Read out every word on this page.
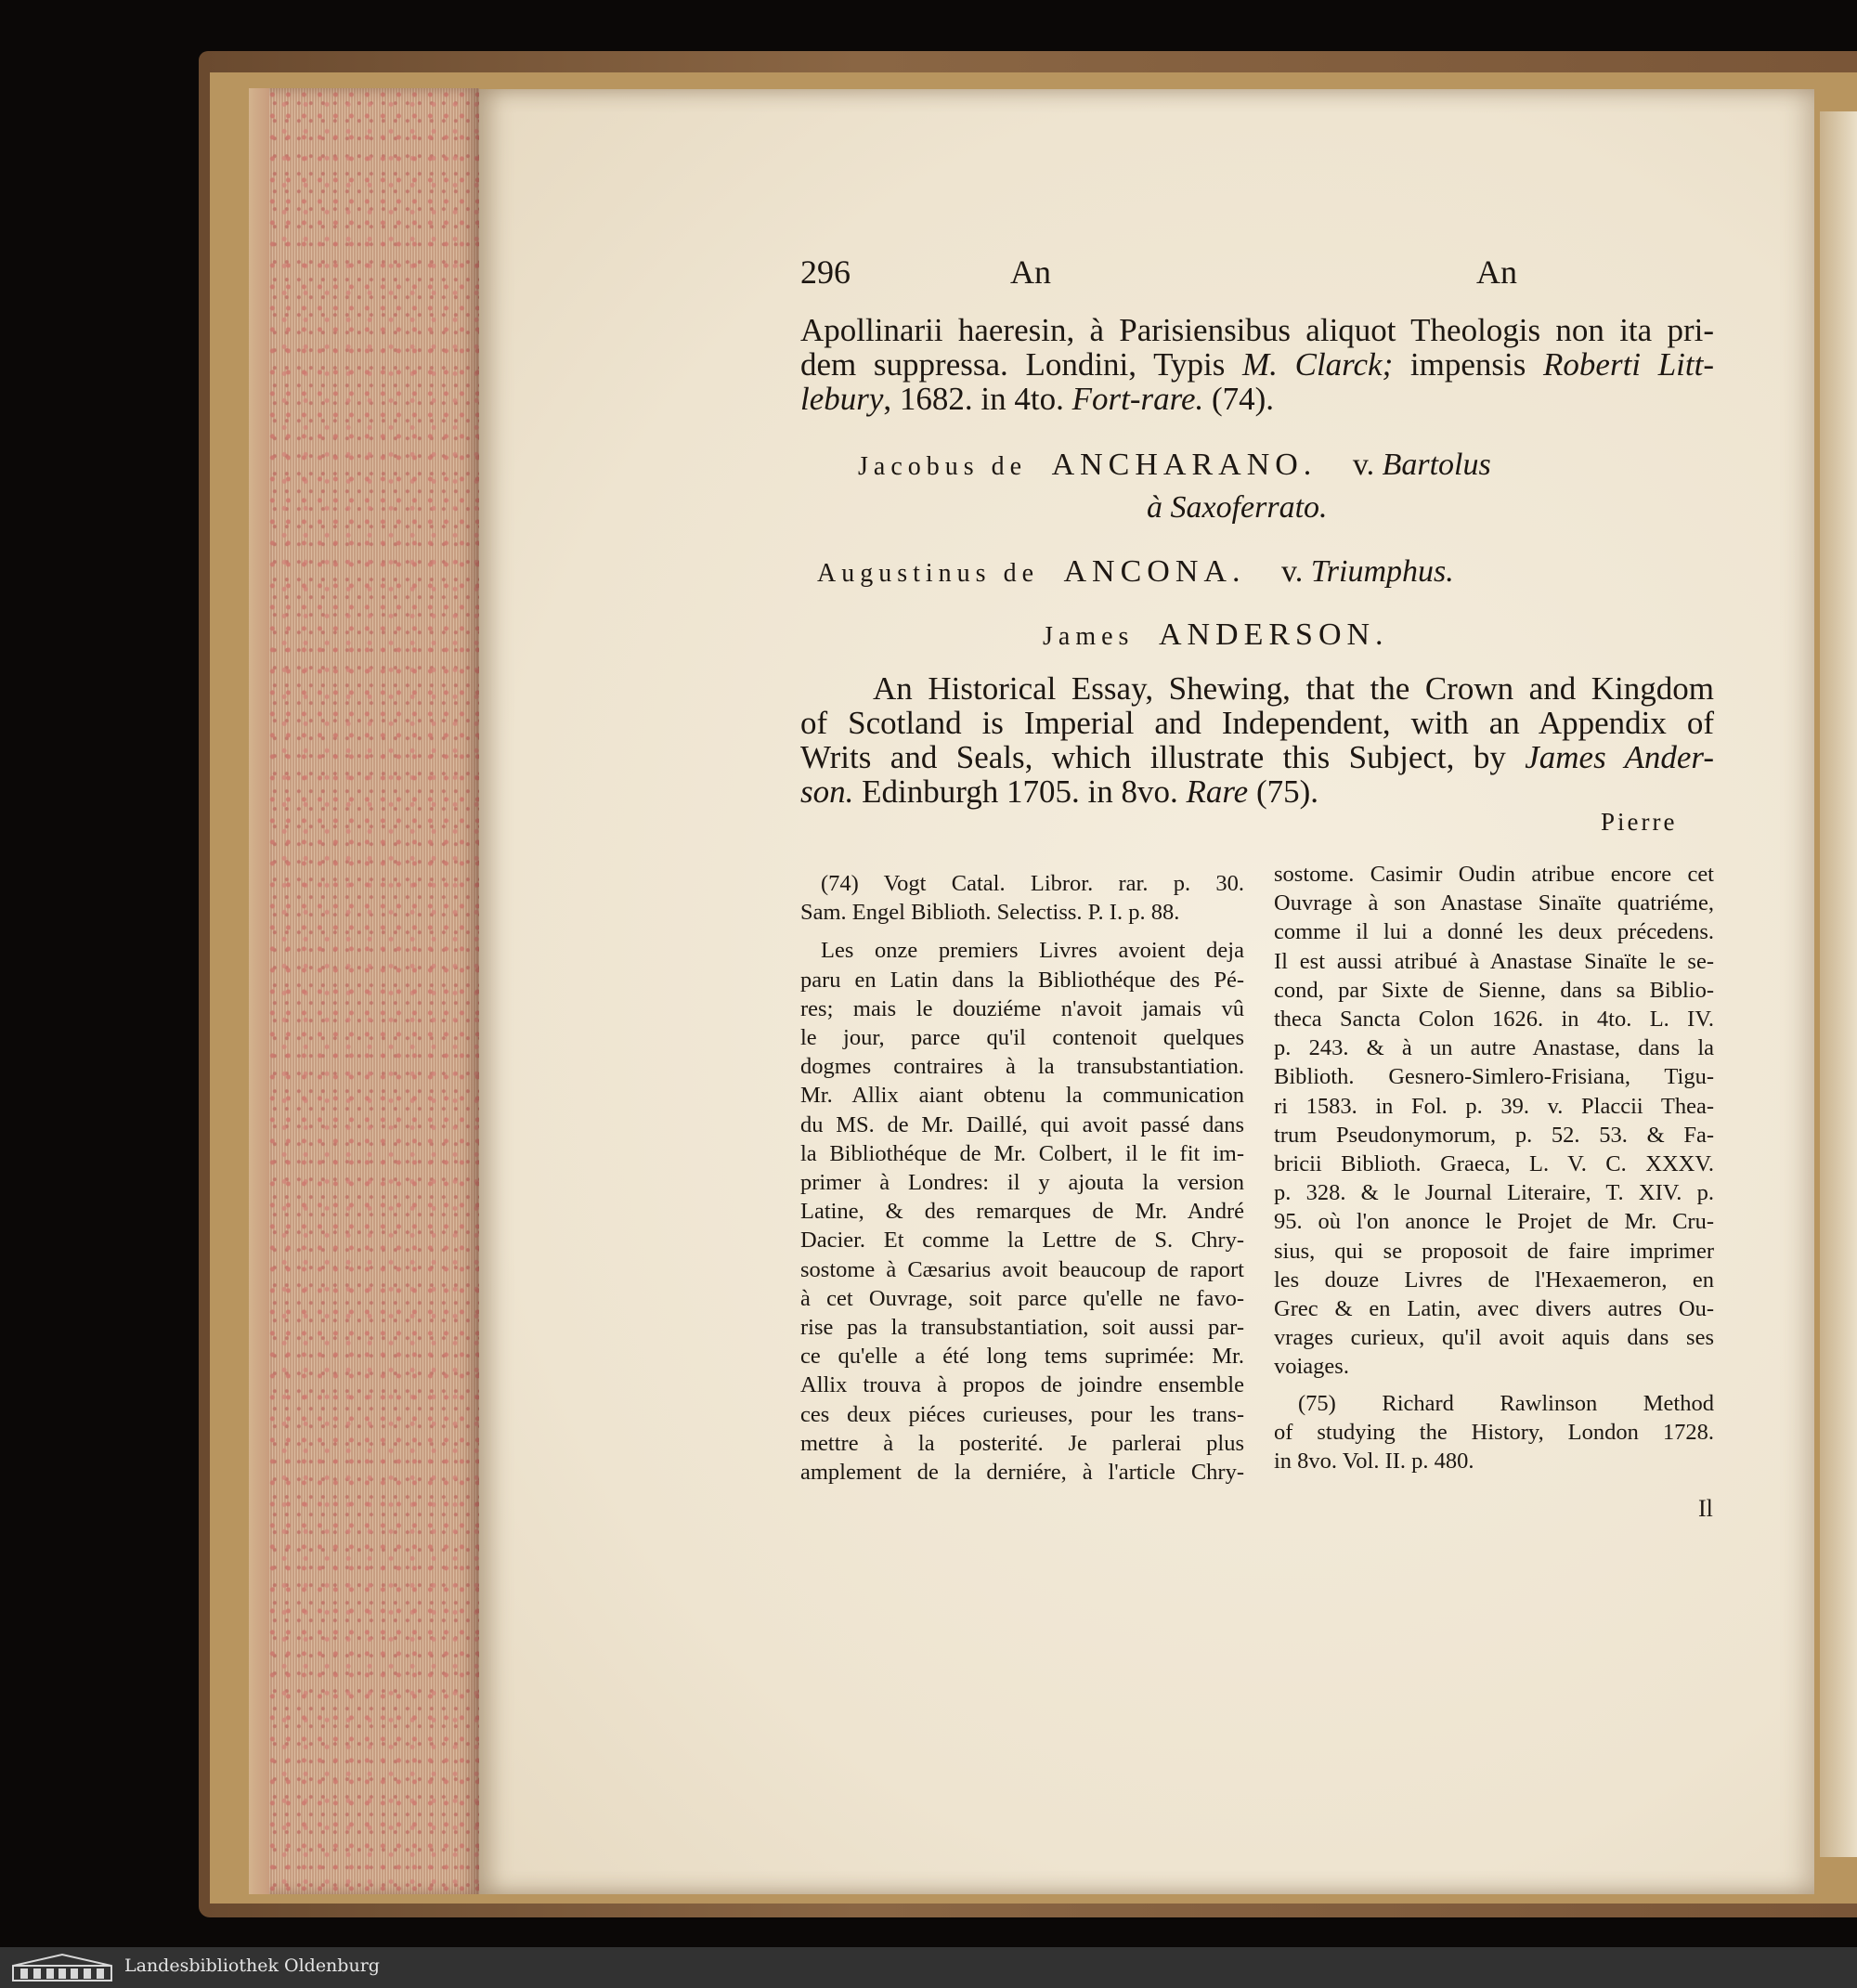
296	An	An
Apollinarii haeresin, à Parisiensibus aliquot Theologis non ita pri-
dem suppressa. Londini, Typis M. Clarck; impensis Roberti Litt-
lebury, 1682. in 4to. Fort-rare. (74).
Jacobus de ANCHARANO. v. Bartolus
à Saxoferrato.
Augustinus de ANCONA. v. Triumphus.
James ANDERSON.
An Historical Essay, Shewing, that the Crown and Kingdom
of Scotland is Imperial and Independent, with an Appendix of
Writs and Seals, which illustrate this Subject, by James Ander-
son. Edinburgh 1705. in 8vo. Rare (75).
Pierre
(74) Vogt Catal. Libror. rar. p. 30.
Sam. Engel Biblioth. Selectiss. P. I. p. 88.
Les onze premiers Livres avoient deja
paru en Latin dans la Bibliothéque des Pé-
res; mais le douziéme n'avoit jamais vû
le jour, parce qu'il contenoit quelques
dogmes contraires à la transubstantiation.
Mr. Allix aiant obtenu la communication
du MS. de Mr. Daillé, qui avoit passé dans
la Bibliothéque de Mr. Colbert, il le fit im-
primer à Londres: il y ajouta la version
Latine, & des remarques de Mr. André
Dacier. Et comme la Lettre de S. Chry-
sostome à Cæsarius avoit beaucoup de raport
à cet Ouvrage, soit parce qu'elle ne favo-
rise pas la transubstantiation, soit aussi par-
ce qu'elle a été long tems suprimée: Mr.
Allix trouva à propos de joindre ensemble
ces deux piéces curieuses, pour les trans-
mettre à la posterité. Je parlerai plus
amplement de la derniére, à l'article Chry-
sostome. Casimir Oudin atribue encore cet
Ouvrage à son Anastase Sinaïte quatriéme,
comme il lui a donné les deux précedens.
Il est aussi atribué à Anastase Sinaïte le se-
cond, par Sixte de Sienne, dans sa Biblio-
theca Sancta Colon 1626. in 4to. L. IV.
p. 243. & à un autre Anastase, dans la
Biblioth. Gesnero-Simlero-Frisiana, Tigu-
ri 1583. in Fol. p. 39. v. Placcii Thea-
trum Pseudonymorum, p. 52. 53. & Fa-
bricii Biblioth. Graeca, L. V. C. XXXV.
p. 328. & le Journal Literaire, T. XIV. p.
95. où l'on anonce le Projet de Mr. Cru-
sius, qui se proposoit de faire imprimer
les douze Livres de l'Hexaemeron, en
Grec & en Latin, avec divers autres Ou-
vrages curieux, qu'il avoit aquis dans ses
voiages.
(75) Richard Rawlinson Method
of studying the History, London 1728.
in 8vo. Vol. II. p. 480.
Il
Landesbibliothek Oldenburg
